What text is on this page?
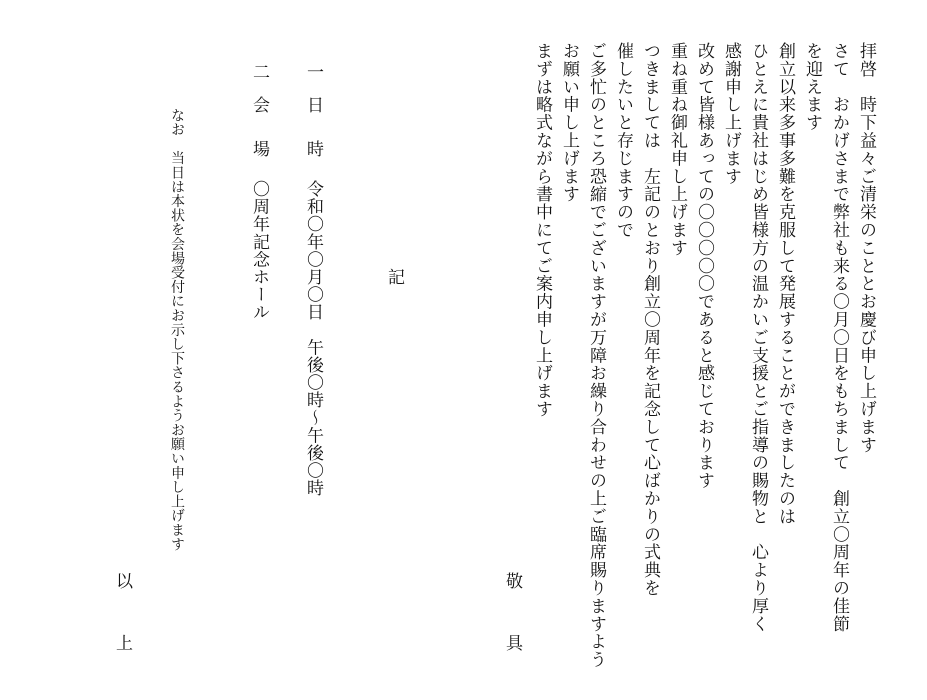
拝啓　時下益々ご清栄のこととお慶び申し上げます
さて　おかげさまで弊社も来る〇月〇日をもちまして　創立〇周年の佳節
を迎えます
創立以来多事多難を克服して発展することができましたのは
ひとえに貴社はじめ皆様方の温かいご支援とご指導の賜物と　心より厚く
感謝申し上げます
改めて皆様あっての〇〇〇〇〇であると感じております
重ね重ね御礼申し上げます
つきましては　左記のとおり創立〇周年を記念して心ばかりの式典を
催したいと存じますので
ご多忙のところ恐縮でございますが万障お繰り合わせの上ご臨席賜りますよう
お願い申し上げます
まずは略式ながら書中にてご案内申し上げます
敬　具
記
一
日　時
令和〇年〇月〇日　午後〇時～午後〇時
二
会　場
〇周年記念ホール
なお　当日は本状を会場受付にお示し下さるようお願い申し上げます
以　上
